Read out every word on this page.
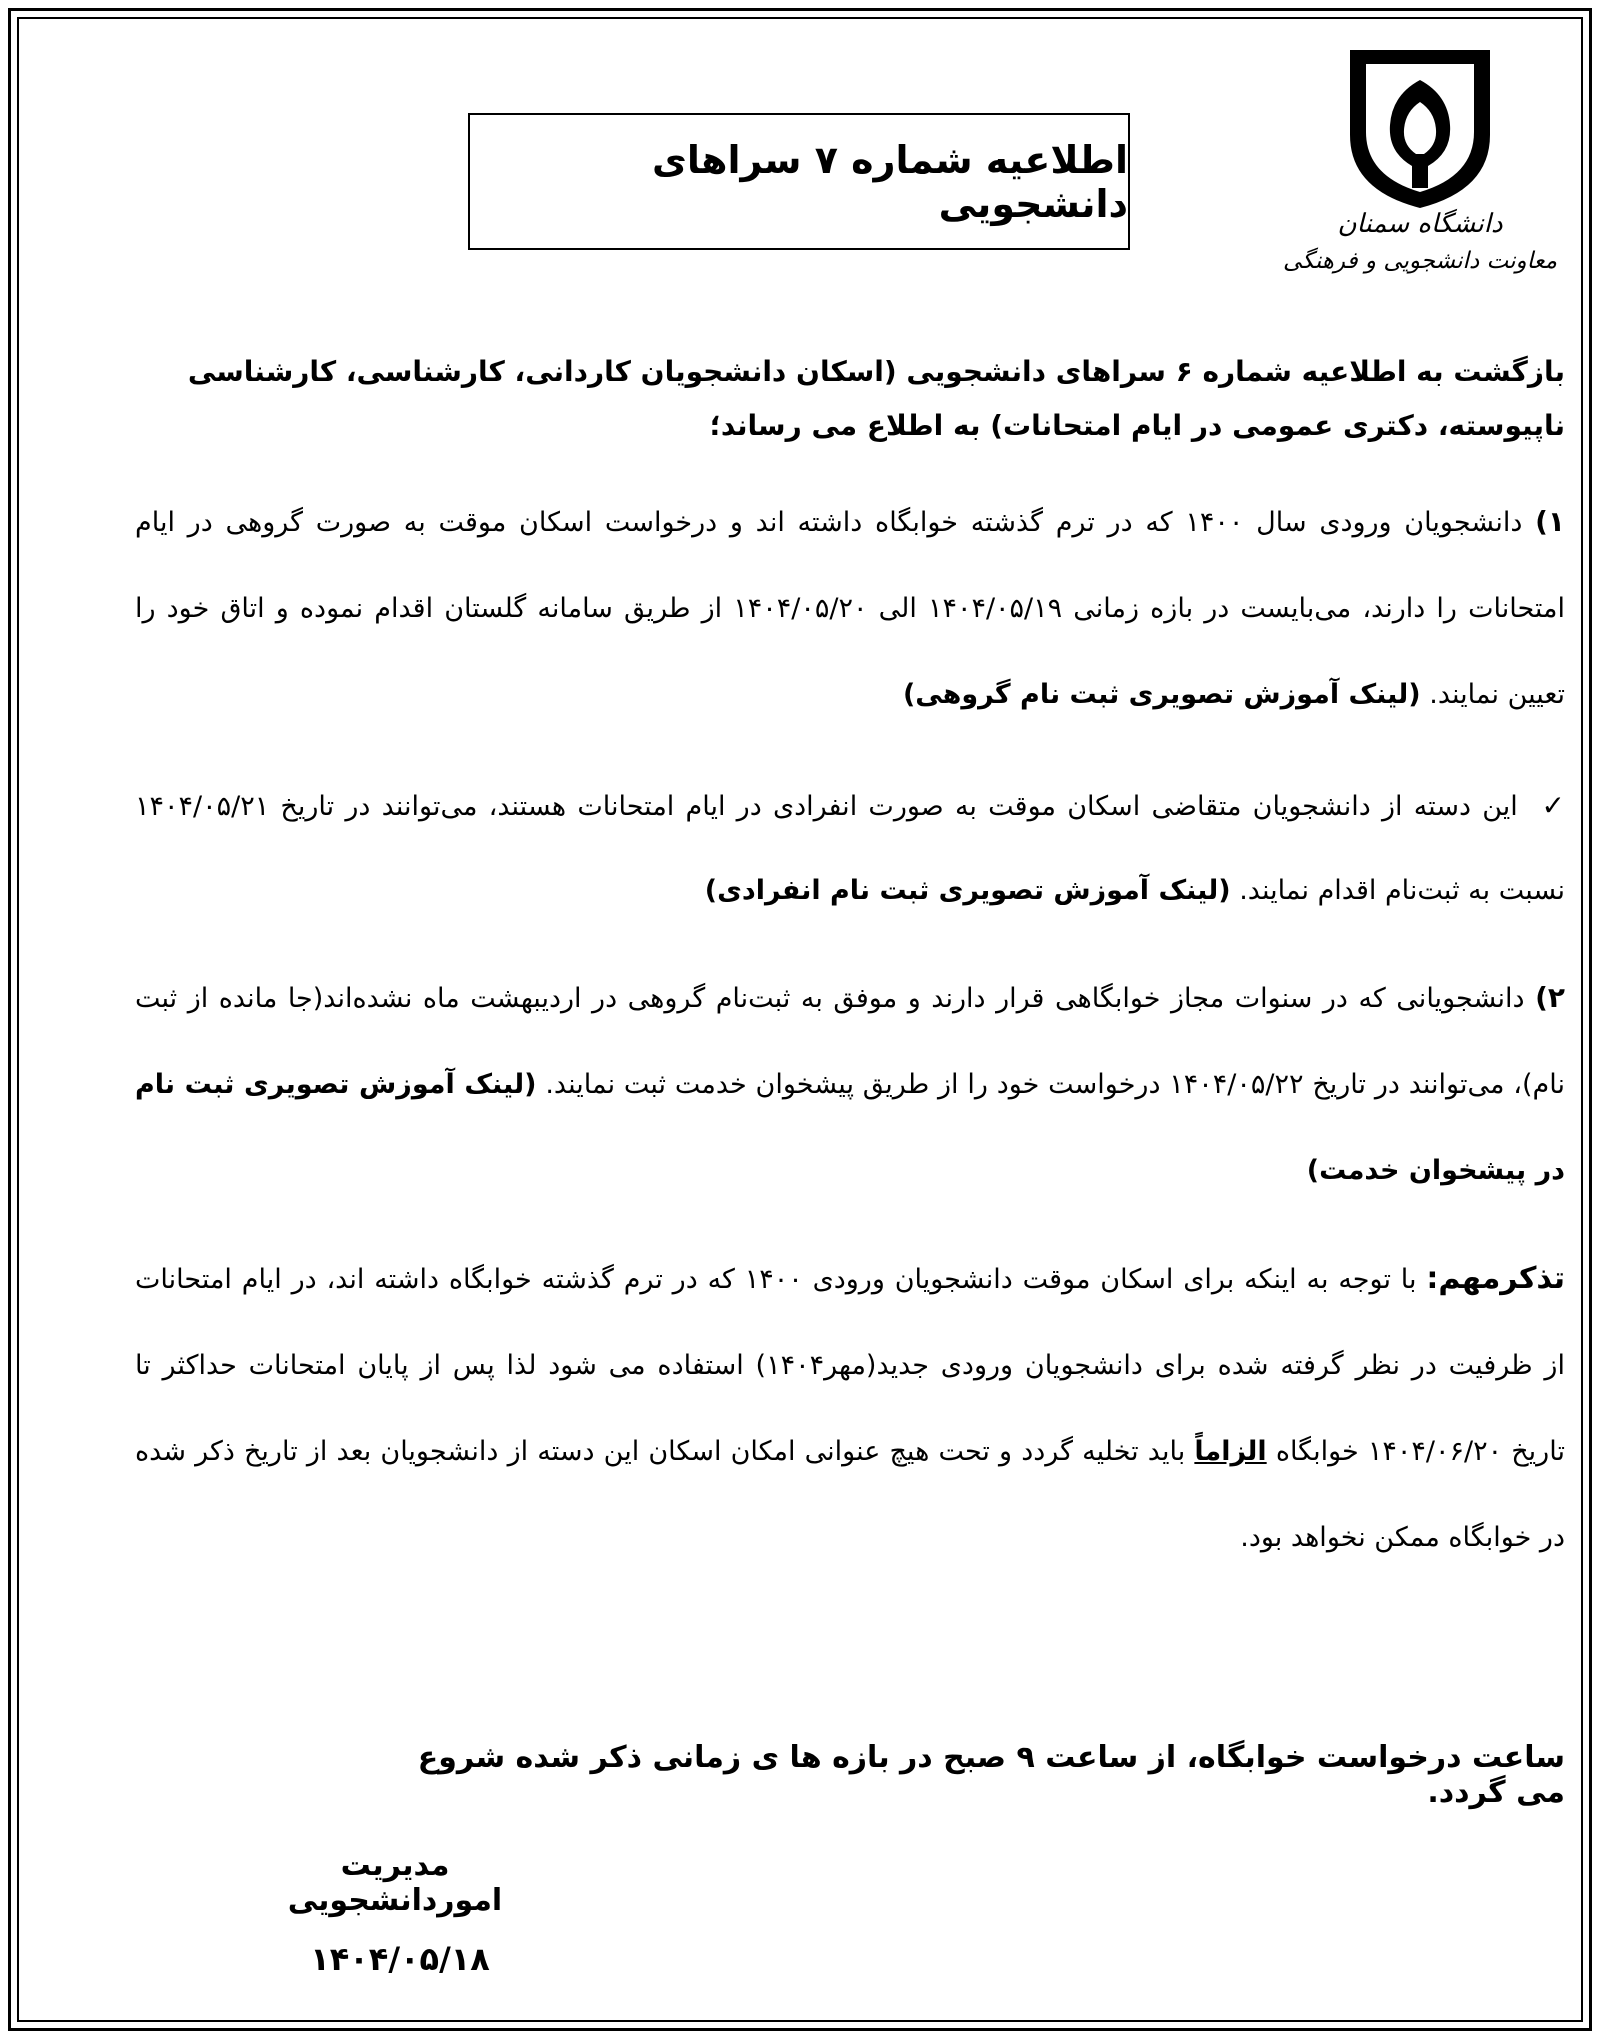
دانشگاه سمنان
معاونت دانشجویی و فرهنگی
اطلاعیه شماره ۷ سراهای دانشجویی

بازگشت به اطلاعیه شماره ۶ سراهای دانشجویی (اسکان دانشجویان کاردانی، کارشناسی، کارشناسی ناپیوسته، دکتری عمومی در ایام امتحانات) به اطلاع می رساند؛

۱) دانشجویان ورودی سال ۱۴۰۰ که در ترم گذشته خوابگاه داشته اند و درخواست اسکان موقت به صورت گروهی در ایام امتحانات را دارند، می‌بایست در بازه زمانی ۱۴۰۴/۰۵/۱۹ الی ۱۴۰۴/۰۵/۲۰ از طریق سامانه گلستان اقدام نموده و اتاق خود را تعیین نمایند. (لینک آموزش تصویری ثبت نام گروهی)

✓ این دسته از دانشجویان متقاضی اسکان موقت به صورت انفرادی در ایام امتحانات هستند، می‌توانند در تاریخ ۱۴۰۴/۰۵/۲۱ نسبت به ثبت‌نام اقدام نمایند. (لینک آموزش تصویری ثبت نام انفرادی)

۲) دانشجویانی که در سنوات مجاز خوابگاهی قرار دارند و موفق به ثبت‌نام گروهی در اردیبهشت ماه نشده‌اند(جا مانده از ثبت نام)، می‌توانند در تاریخ ۱۴۰۴/۰۵/۲۲ درخواست خود را از طریق پیشخوان خدمت ثبت نمایند. (لینک آموزش تصویری ثبت نام در پیشخوان خدمت)

تذکرمهم: با توجه به اینکه برای اسکان موقت دانشجویان ورودی ۱۴۰۰ که در ترم گذشته خوابگاه داشته اند، در ایام امتحانات از ظرفیت در نظر گرفته شده برای دانشجویان ورودی جدید(مهر۱۴۰۴) استفاده می شود لذا پس از پایان امتحانات حداکثر تا تاریخ ۱۴۰۴/۰۶/۲۰ خوابگاه الزاماً باید تخلیه گردد و تحت هیچ عنوانی امکان اسکان این دسته از دانشجویان بعد از تاریخ ذکر شده در خوابگاه ممکن نخواهد بود.

ساعت درخواست خوابگاه، از ساعت ۹ صبح در بازه ها ی زمانی ذکر شده شروع می گردد.
مدیریت اموردانشجویی
۱۴۰۴/۰۵/۱۸
